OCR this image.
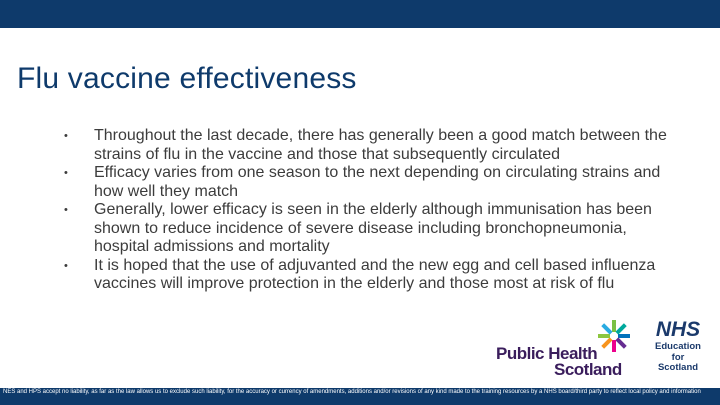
Flu vaccine effectiveness
• Throughout the last decade, there has generally been a good match between the strains of flu in the vaccine and those that subsequently circulated
• Efficacy varies from one season to the next depending on circulating strains and how well they match
• Generally, lower efficacy is seen in the elderly although immunisation has been shown to reduce incidence of severe disease including bronchopneumonia, hospital admissions and mortality
• It is hoped that the use of adjuvanted and the new egg and cell based influenza vaccines will improve protection in the elderly and those most at risk of flu
Public Health
Scotland
NHS
Education
for
Scotland
NES and HPS accept no liability, as far as the law allows us to exclude such liability, for the accuracy or currency of amendments, additions and/or revisions of any kind made to the training resources by a NHS board/third party to reflect local policy and information
